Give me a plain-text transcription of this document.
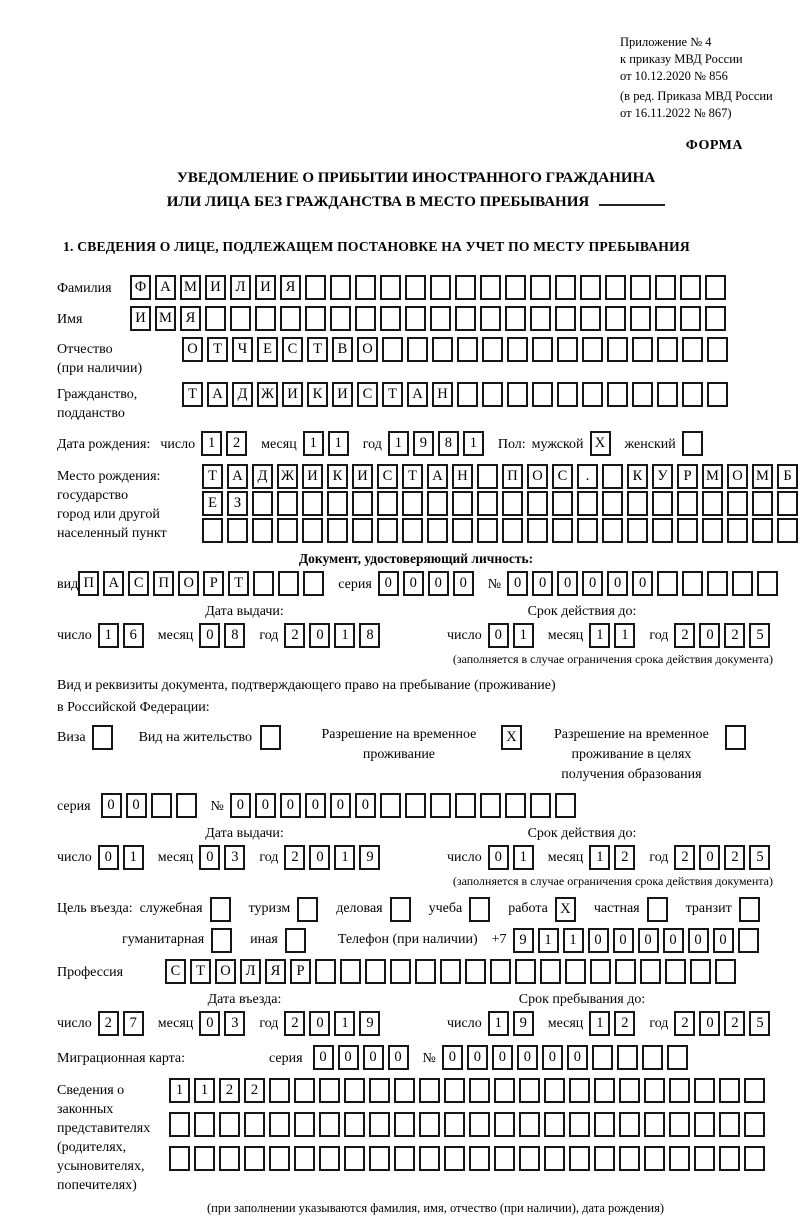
Приложение № 4
к приказу МВД России
от 10.12.2020 № 856
(в ред. Приказа МВД России
от 16.11.2022 № 867)
ФОРМА
УВЕДОМЛЕНИЕ О ПРИБЫТИИ ИНОСТРАННОГО ГРАЖДАНИНА
ИЛИ ЛИЦА БЕЗ ГРАЖДАНСТВА В МЕСТО ПРЕБЫВАНИЯ
1. СВЕДЕНИЯ О ЛИЦЕ, ПОДЛЕЖАЩЕМ ПОСТАНОВКЕ НА УЧЕТ ПО МЕСТУ ПРЕБЫВАНИЯ
Фамилия	Ф А М И	Л	И	Я
Имя	И М Я
Отчество
(при наличии)
О	Т	Ч	Е	С	Т	В	О
Гражданство,
подданство
Т	А	Д Ж И	К	И	С	Т	А	Н
Дата рождения: число 1	2	месяц 1	1	год 1	9	8	1	Пол: мужской X	женский
Место рождения:
государство
город или другой
населенный пункт
Т	А	Д Ж И	К	И	С	Т	А	Н	П	О	С	.	К	У	Р	М О М Б
Е	З
Документ, удостоверяющий личность:
вид П	А	С	П	О	Р	Т	серия 0	0	0	0	№ 0	0	0	0	0	0
Дата выдачи:	Срок действия до:
число 1	6	месяц 0	8	год 2	0	1	8	число 0	1	месяц 1	1	год 2	0	2	5
(заполняется в случае ограничения срока действия документа)
Вид и реквизиты документа, подтверждающего право на пребывание (проживание)
в Российской Федерации:
Виза	Вид на жительство	Разрешение на временное проживание
X	Разрешение на временное проживание в целях получения образования
серия	0	0	№ 0	0	0	0	0	0
Дата выдачи:	Срок действия до:
число 0	1	месяц 0	3	год 2	0	1	9	число 0	1	месяц 1	2	год 2	0	2	5
(заполняется в случае ограничения срока действия документа)
Цель въезда: служебная	туризм	деловая	учеба	работа X	частная	транзит
гуманитарная	иная	Телефон (при наличии) +7 9	1	1	0	0	0	0	0	0
Профессия	С	Т	О	Л	Я	Р
Дата въезда:	Срок пребывания до:
число 2	7	месяц 0	3	год 2	0	1	9	число 1	9	месяц 1	2	год 2	0	2	5
Миграционная карта:	серия	0	0	0	0	№ 0	0	0	0	0	0
Сведения о
законных
представителях
(родителях,
усыновителях,
попечителях)
1	1	2	2
(при заполнении указываются фамилия, имя, отчество (при наличии), дата рождения)
